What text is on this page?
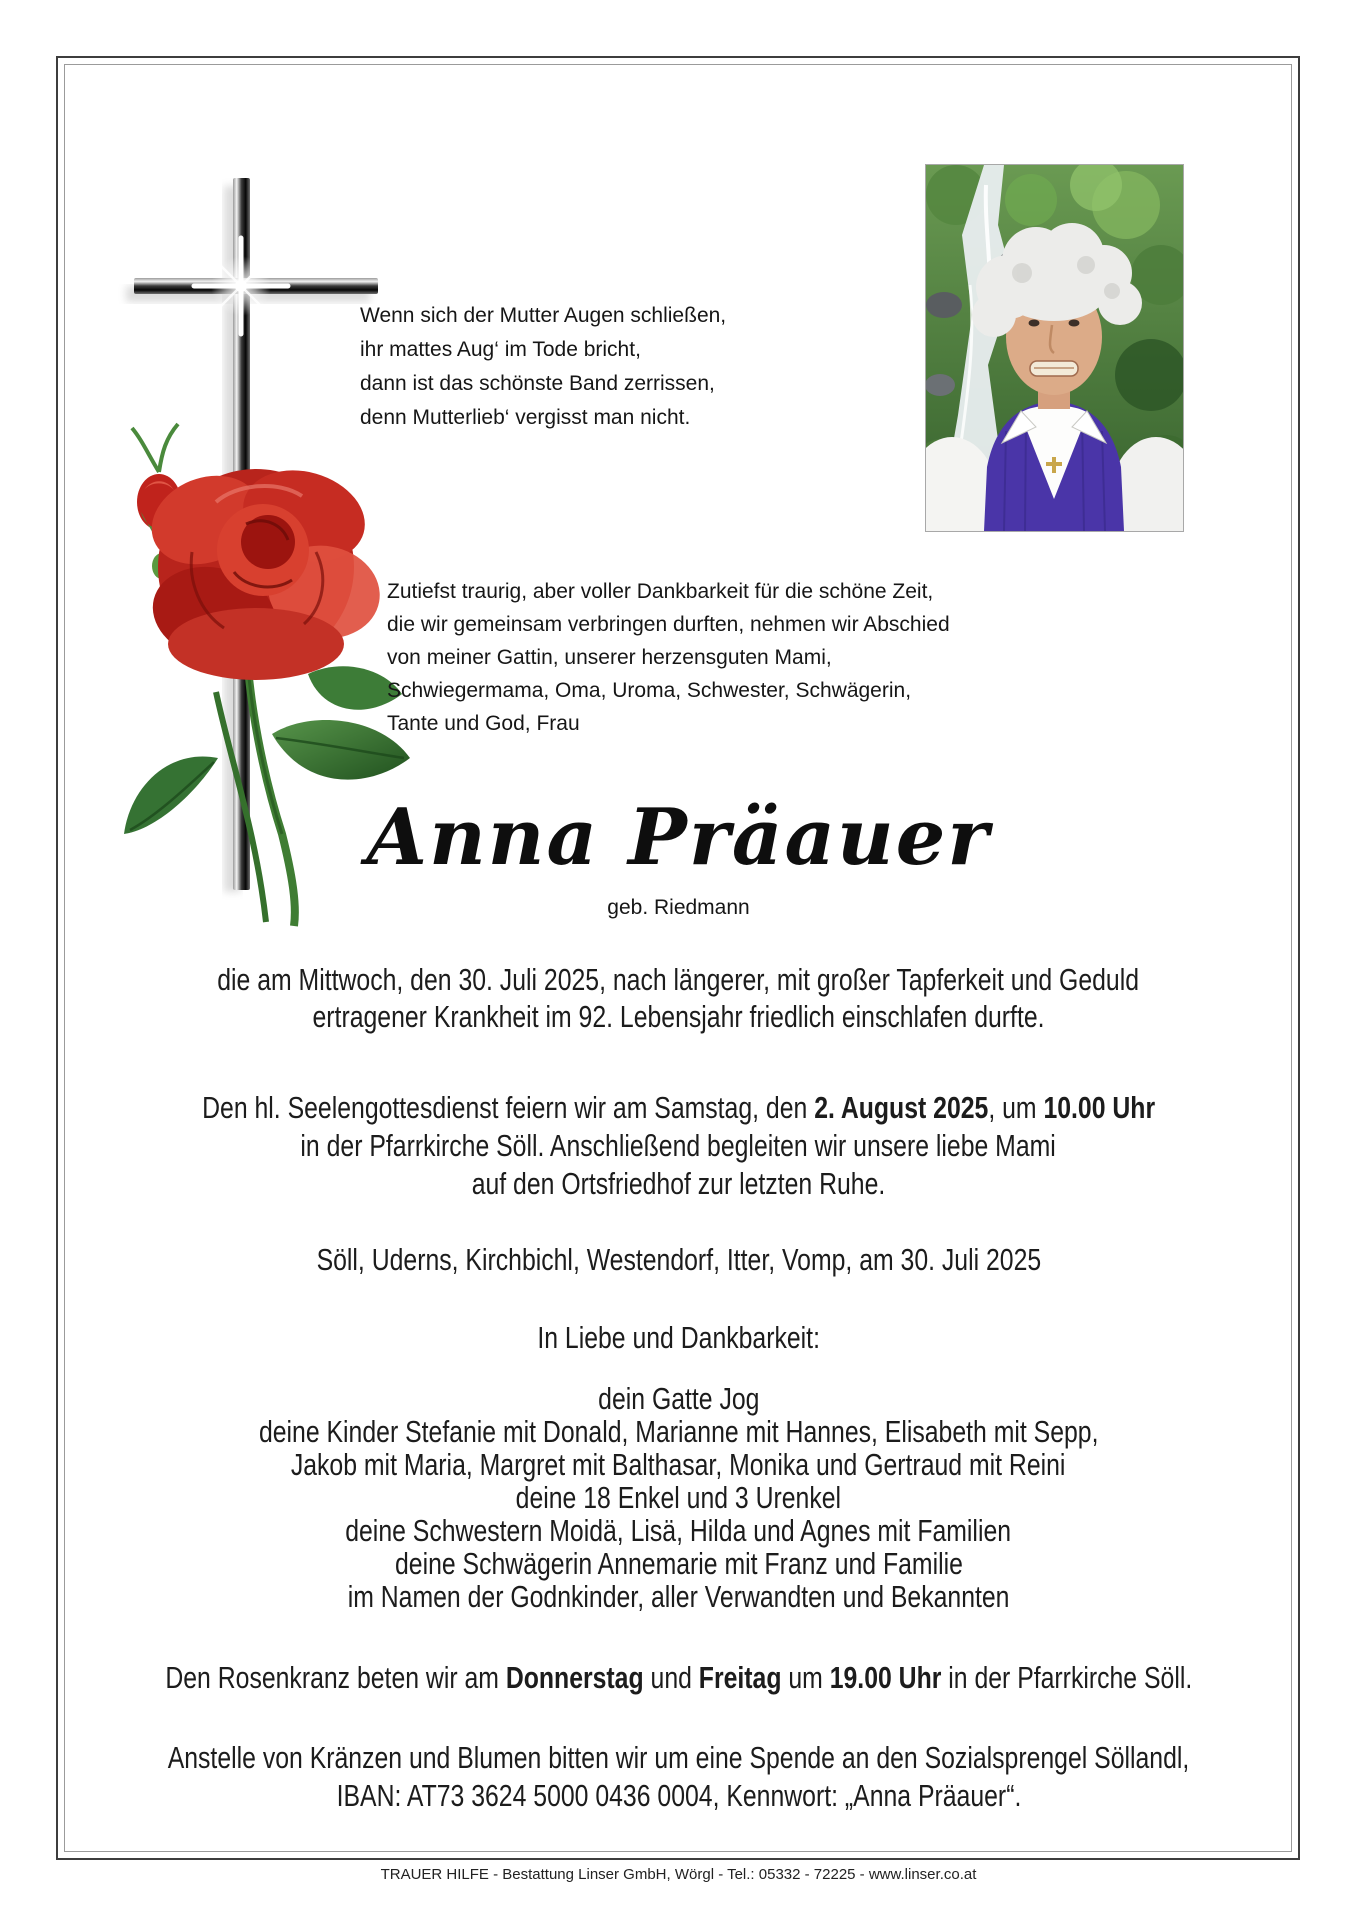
Wenn sich der Mutter Augen schließen,
ihr mattes Aug‘ im Tode bricht,
dann ist das schönste Band zerrissen,
denn Mutterlieb‘ vergisst man nicht.
Zutiefst traurig, aber voller Dankbarkeit für die schöne Zeit,
die wir gemeinsam verbringen durften, nehmen wir Abschied
von meiner Gattin, unserer herzensguten Mami,
Schwiegermama, Oma, Uroma, Schwester, Schwägerin,
Tante und God, Frau
Anna Präauer
geb. Riedmann
die am Mittwoch, den 30. Juli 2025, nach längerer, mit großer Tapferkeit und Geduld
ertragener Krankheit im 92. Lebensjahr friedlich einschlafen durfte.
Den hl. Seelengottesdienst feiern wir am Samstag, den 2. August 2025, um 10.00 Uhr
in der Pfarrkirche Söll. Anschließend begleiten wir unsere liebe Mami
auf den Ortsfriedhof zur letzten Ruhe.
Söll, Uderns, Kirchbichl, Westendorf, Itter, Vomp, am 30. Juli 2025
In Liebe und Dankbarkeit:
dein Gatte Jog
deine Kinder Stefanie mit Donald, Marianne mit Hannes, Elisabeth mit Sepp,
Jakob mit Maria, Margret mit Balthasar, Monika und Gertraud mit Reini
deine 18 Enkel und 3 Urenkel
deine Schwestern Moidä, Lisä, Hilda und Agnes mit Familien
deine Schwägerin Annemarie mit Franz und Familie
im Namen der Godnkinder, aller Verwandten und Bekannten
Den Rosenkranz beten wir am Donnerstag und Freitag um 19.00 Uhr in der Pfarrkirche Söll.
Anstelle von Kränzen und Blumen bitten wir um eine Spende an den Sozialsprengel Söllandl,
IBAN: AT73 3624 5000 0436 0004, Kennwort: „Anna Präauer“.
TRAUER HILFE - Bestattung Linser GmbH, Wörgl - Tel.: 05332 - 72225 - www.linser.co.at
